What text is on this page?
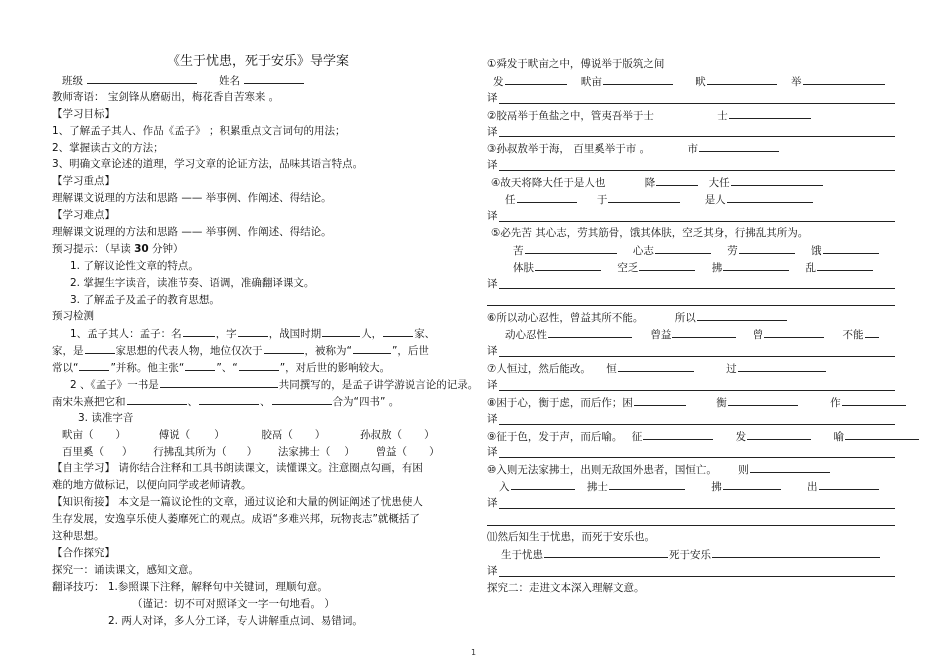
《生于忧患，死于安乐》导学案
班级	姓名
教师寄语： 宝剑锋从磨砺出，梅花香自苦寒来 。
【学习目标】
1、了解孟子其人、作品《孟子》 ；积累重点文言词句的用法；
2、掌握读古文的方法；
3、明确文章论述的道理，学习文章的论证方法，品味其语言特点。
【学习重点】
理解课文说理的方法和思路 —— 举事例、作阐述、得结论。
【学习难点】
理解课文说理的方法和思路 —— 举事例、作阐述、得结论。
预习提示：（早读 30 分钟）
1. 了解议论性文章的特点。
2. 掌握生字读音，读准节奏、语调，准确翻译课文。
3. 了解孟子及孟子的教育思想。
预习检测
1、孟子其人：孟子：名	，字	，战国时期	人，	家、
家，是	家思想的代表人物，地位仅次于	，被称为“	”，后世
常以“	”并称。他主张“	”、“	”，对后世的影响较大。
2 、《孟子》一书是	共同撰写的，是孟子讲学游说言论的记录。
南宋朱熹把它和	、	、	合为“四书” 。
3. 读准字音
畎亩（ ）	傅说（ ）	胶鬲（ ）	孙叔敖（ ）
百里奚（ ） 行拂乱其所为（ ） 法家拂士（ ） 曾益（ ）
【自主学习】 请你结合注释和工具书朗读课文，读懂课文。注意圈点勾画，有困
难的地方做标记，以便向同学或老师请教。
【知识衔接】 本文是一篇议论性的文章，通过议论和大量的例证阐述了忧患使人
生存发展，安逸享乐使人萎靡死亡的观点。成语“多难兴邦，玩物丧志”就概括了
这种思想。
【合作探究】
探究一：诵读课文，感知文意。
翻译技巧： 1.参照课下注释，解释句中关键词，理顺句意。
（谨记：切不可对照译文一字一句地看。 ）
2. 两人对译，多人分工译，专人讲解重点词、易错词。
①舜发于畎亩之中，傅说举于版筑之间
发	畎亩	畎	举
译
②胶鬲举于鱼盐之中，管夷吾举于士	士
译
③孙叔敖举于海， 百里奚举于市 。	市
译
④故天将降大任于是人也	降	大任
任	于	是人
译
⑤必先苦 其心志，劳其筋骨，饿其体肤，空乏其身，行拂乱其所为。
苦	心志	劳	饿
体肤	空乏	拂	乱
译
⑥所以动心忍性，曾益其所不能。	所以
动心忍性	曾益	曾	不能
译
⑦人恒过，然后能改。 恒	过
译
⑧困于心，衡于虑，而后作；困	衡	作
译
⑨征于色，发于声，而后喻。 征	发	喻
译
⑩入则无法家拂士，出则无敌国外患者，国恒亡。 则
入	拂士	拂	出
译
⑾然后知生于忧患，而死于安乐也。
生于忧患	死于安乐
译
探究二：走进文本深入理解文意。
1
